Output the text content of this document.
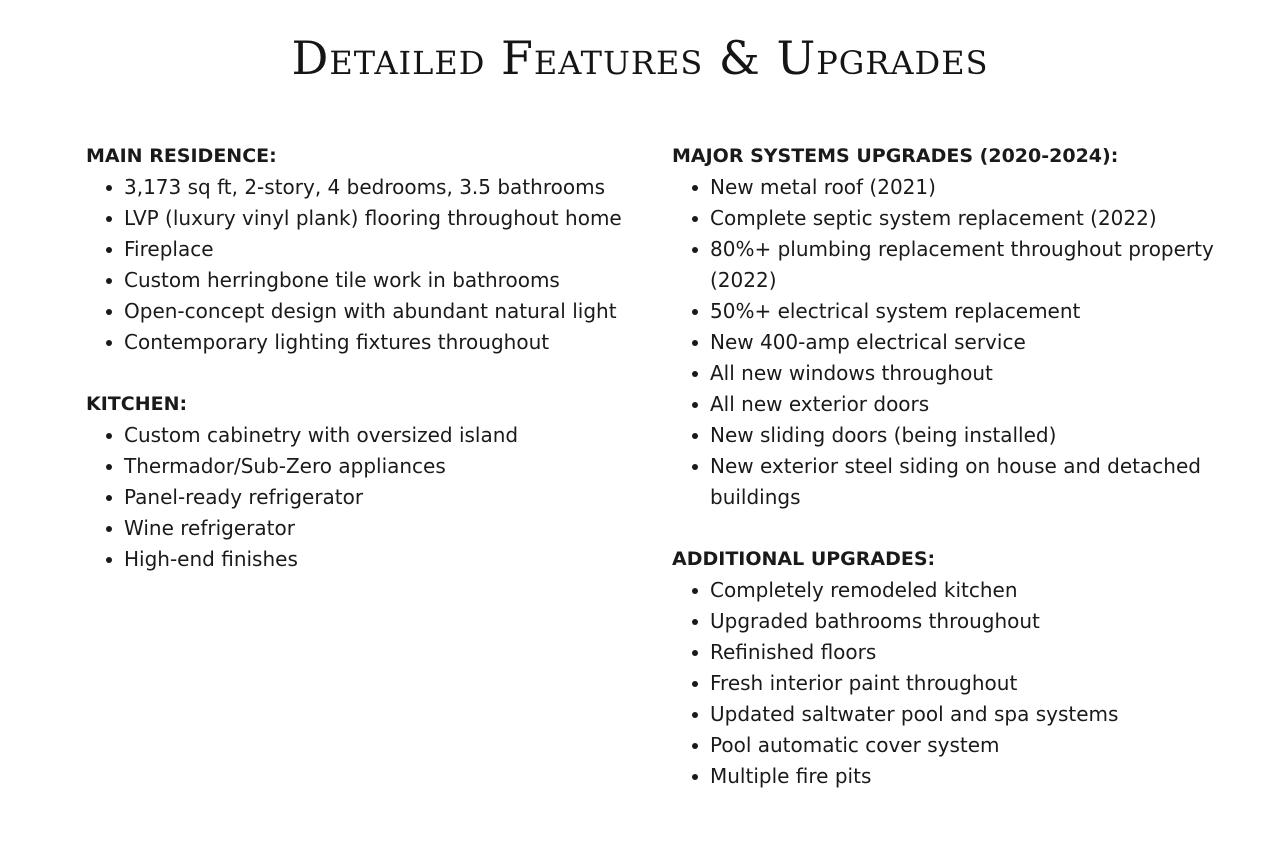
Detailed Features & Upgrades

MAIN RESIDENCE:

3,173 sq ft, 2-story, 4 bedrooms, 3.5 bathrooms
LVP (luxury vinyl plank) flooring throughout home
Fireplace
Custom herringbone tile work in bathrooms
Open-concept design with abundant natural light
Contemporary lighting fixtures throughout

KITCHEN:

Custom cabinetry with oversized island
Thermador/Sub-Zero appliances
Panel-ready refrigerator
Wine refrigerator
High-end finishes

MAJOR SYSTEMS UPGRADES (2020-2024):

New metal roof (2021)
Complete septic system replacement (2022)
80%+ plumbing replacement throughout property (2022)
50%+ electrical system replacement
New 400-amp electrical service
All new windows throughout
All new exterior doors
New sliding doors (being installed)
New exterior steel siding on house and detached buildings

ADDITIONAL UPGRADES:

Completely remodeled kitchen
Upgraded bathrooms throughout
Refinished floors
Fresh interior paint throughout
Updated saltwater pool and spa systems
Pool automatic cover system
Multiple fire pits
